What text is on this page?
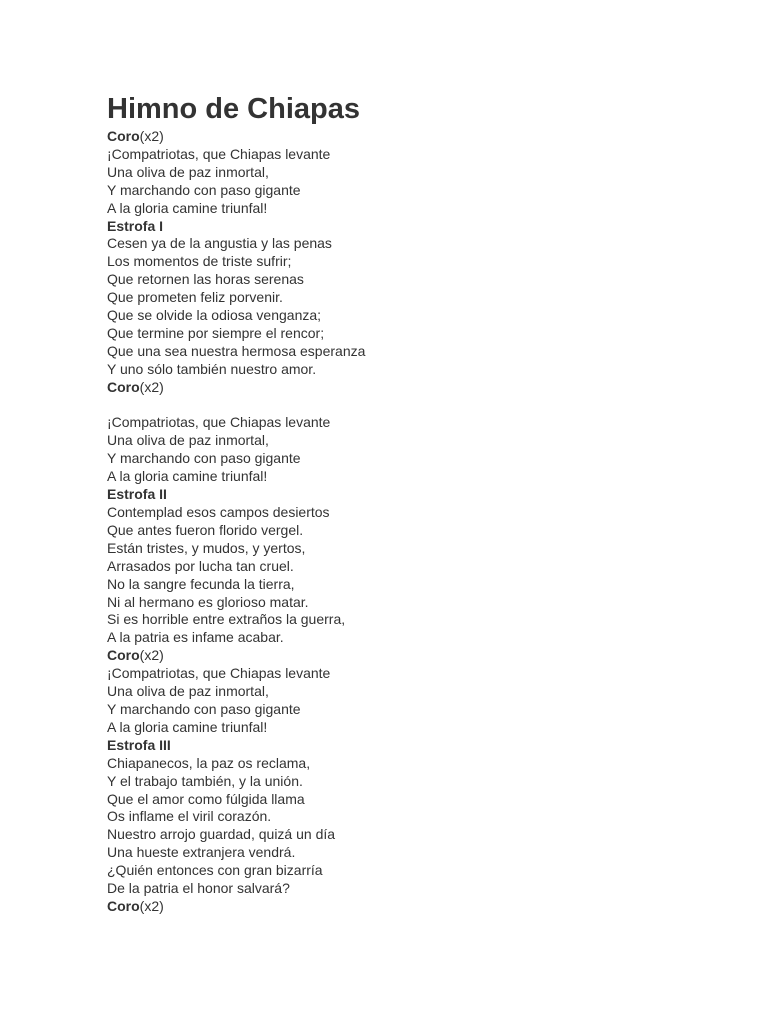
Himno de Chiapas
Coro(x2)
¡Compatriotas, que Chiapas levante
Una oliva de paz inmortal,
Y marchando con paso gigante
A la gloria camine triunfal!
Estrofa I
Cesen ya de la angustia y las penas
Los momentos de triste sufrir;
Que retornen las horas serenas
Que prometen feliz porvenir.
Que se olvide la odiosa venganza;
Que termine por siempre el rencor;
Que una sea nuestra hermosa esperanza
Y uno sólo también nuestro amor.
Coro(x2)
¡Compatriotas, que Chiapas levante
Una oliva de paz inmortal,
Y marchando con paso gigante
A la gloria camine triunfal!
Estrofa II
Contemplad esos campos desiertos
Que antes fueron florido vergel.
Están tristes, y mudos, y yertos,
Arrasados por lucha tan cruel.
No la sangre fecunda la tierra,
Ni al hermano es glorioso matar.
Si es horrible entre extraños la guerra,
A la patria es infame acabar.
Coro(x2)
¡Compatriotas, que Chiapas levante
Una oliva de paz inmortal,
Y marchando con paso gigante
A la gloria camine triunfal!
Estrofa III
Chiapanecos, la paz os reclama,
Y el trabajo también, y la unión.
Que el amor como fúlgida llama
Os inflame el viril corazón.
Nuestro arrojo guardad, quizá un día
Una hueste extranjera vendrá.
¿Quién entonces con gran bizarría
De la patria el honor salvará?
Coro(x2)
